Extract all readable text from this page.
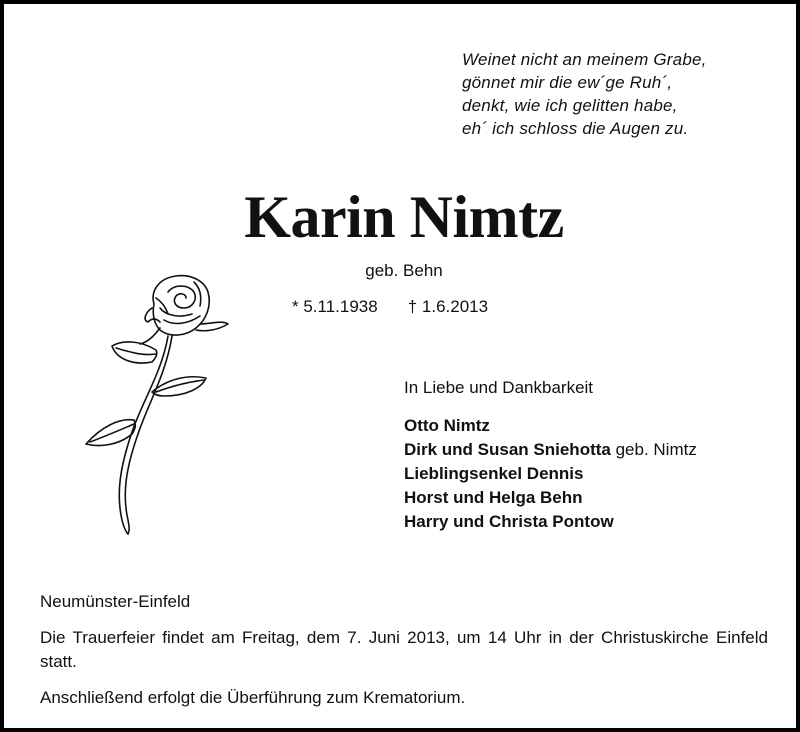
Weinet nicht an meinem Grabe,
gönnet mir die ew´ge Ruh´,
denkt, wie ich gelitten habe,
eh´ ich schloss die Augen zu.
Karin Nimtz
geb. Behn
* 5.11.1938 † 1.6.2013
In Liebe und Dankbarkeit
Otto Nimtz
Dirk und Susan Sniehotta geb. Nimtz
Lieblingsenkel Dennis
Horst und Helga Behn
Harry und Christa Pontow

Neumünster-Einfeld

Die Trauerfeier findet am Freitag, dem 7. Juni 2013, um 14 Uhr in der Christuskirche Einfeld statt.

Anschließend erfolgt die Überführung zum Krematorium.
